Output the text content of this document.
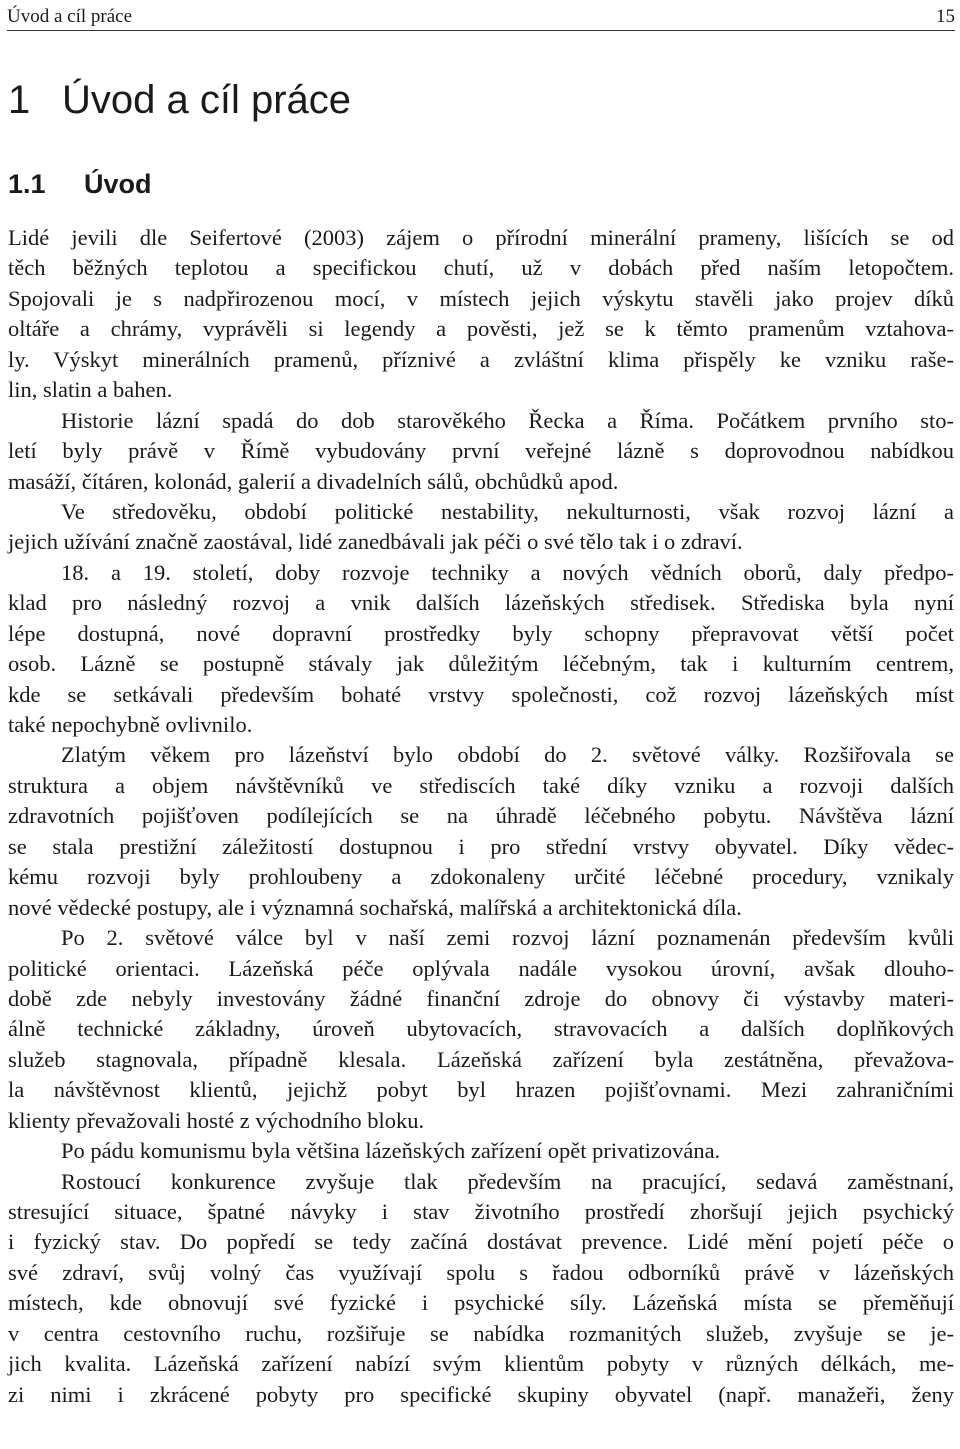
Úvod a cíl práce	15
1 Úvod a cíl práce
1.1 Úvod
Lidé jevili dle Seifertové (2003) zájem o přírodní minerální prameny, lišících se od
těch běžných teplotou a specifickou chutí, už v dobách před naším letopočtem.
Spojovali je s nadpřirozenou mocí, v místech jejich výskytu stavěli jako projev díků
oltáře a chrámy, vyprávěli si legendy a pověsti, jež se k těmto pramenům vztahova-
ly. Výskyt minerálních pramenů, příznivé a zvláštní klima přispěly ke vzniku raše-
lin, slatin a bahen.
Historie lázní spadá do dob starověkého Řecka a Říma. Počátkem prvního sto-
letí byly právě v Římě vybudovány první veřejné lázně s doprovodnou nabídkou
masáží, čítáren, kolonád, galerií a divadelních sálů, obchůdků apod.
Ve středověku, období politické nestability, nekulturnosti, však rozvoj lázní a
jejich užívání značně zaostával, lidé zanedbávali jak péči o své tělo tak i o zdraví.
18. a 19. století, doby rozvoje techniky a nových vědních oborů, daly předpo-
klad pro následný rozvoj a vnik dalších lázeňských středisek. Střediska byla nyní
lépe dostupná, nové dopravní prostředky byly schopny přepravovat větší počet
osob. Lázně se postupně stávaly jak důležitým léčebným, tak i kulturním centrem,
kde se setkávali především bohaté vrstvy společnosti, což rozvoj lázeňských míst
také nepochybně ovlivnilo.
Zlatým věkem pro lázeňství bylo období do 2. světové války. Rozšiřovala se
struktura a objem návštěvníků ve střediscích také díky vzniku a rozvoji dalších
zdravotních pojišťoven podílejících se na úhradě léčebného pobytu. Návštěva lázní
se stala prestižní záležitostí dostupnou i pro střední vrstvy obyvatel. Díky vědec-
kému rozvoji byly prohloubeny a zdokonaleny určité léčebné procedury, vznikaly
nové vědecké postupy, ale i významná sochařská, malířská a architektonická díla.
Po 2. světové válce byl v naší zemi rozvoj lázní poznamenán především kvůli
politické orientaci. Lázeňská péče oplývala nadále vysokou úrovní, avšak dlouho-
době zde nebyly investovány žádné finanční zdroje do obnovy či výstavby materi-
álně technické základny, úroveň ubytovacích, stravovacích a dalších doplňkových
služeb stagnovala, případně klesala. Lázeňská zařízení byla zestátněna, převažova-
la návštěvnost klientů, jejichž pobyt byl hrazen pojišťovnami. Mezi zahraničními
klienty převažovali hosté z východního bloku.
Po pádu komunismu byla většina lázeňských zařízení opět privatizována.
Rostoucí konkurence zvyšuje tlak především na pracující, sedavá zaměstnaní,
stresující situace, špatné návyky i stav životního prostředí zhoršují jejich psychický
i fyzický stav. Do popředí se tedy začíná dostávat prevence. Lidé mění pojetí péče o
své zdraví, svůj volný čas využívají spolu s řadou odborníků právě v lázeňských
místech, kde obnovují své fyzické i psychické síly. Lázeňská místa se přeměňují
v centra cestovního ruchu, rozšiřuje se nabídka rozmanitých služeb, zvyšuje se je-
jich kvalita. Lázeňská zařízení nabízí svým klientům pobyty v různých délkách, me-
zi nimi i zkrácené pobyty pro specifické skupiny obyvatel (např. manažeři, ženy
